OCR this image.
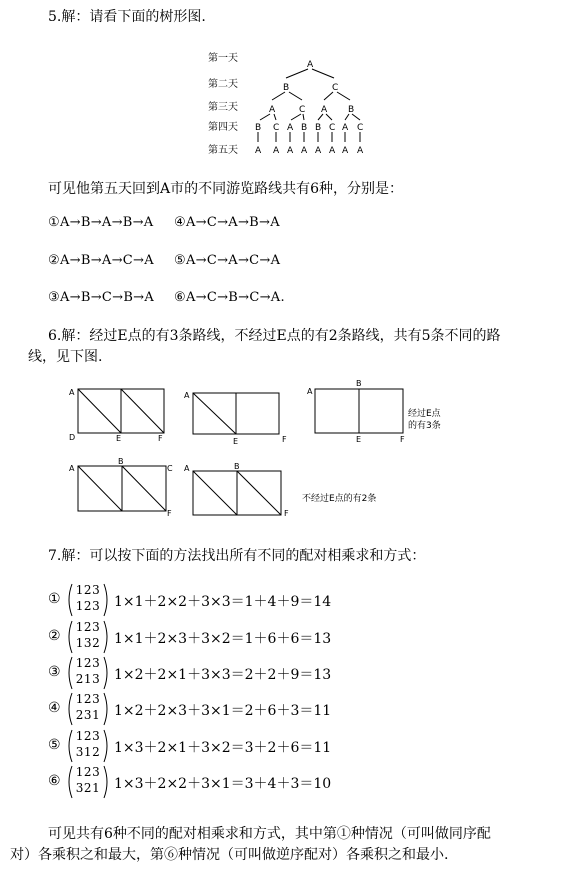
5.解：请看下面的树形图.
第一天
第二天
第三天
第四天
第五天
A
B	C
A	C A B
B C A B B C A C
A A A A A A A A
可见他第五天回到A市的不同游览路线共有6种，分别是：
①A→B→A→B→A ④A→C→A→B→A
②A→B→A→C→A ⑤A→C→A→C→A
③A→B→C→B→A ⑥A→C→B→C→A.
6.解：经过E点的有3条路线，不经过E点的有2条路线，共有5条不同的路
线，见下图.
A
D	E	F
A
E	F
A
B
E	F
经过E点
的有3条
A
B
C
F
A	B
F
不经过E点的有2条
7.解：可以按下面的方法找出所有不同的配对相乘求和方式：
①
123
123 1×1＋2×2＋3×3＝1＋4＋9＝14
②
123
132 1×1＋2×3＋3×2＝1＋6＋6＝13
③
123
213 1×2＋2×1＋3×3＝2＋2＋9＝13
④
123
231 1×2＋2×3＋3×1＝2＋6＋3＝11
⑤
123
312 1×3＋2×1＋3×2＝3＋2＋6＝11
⑥
123
321 1×3＋2×2＋3×1＝3＋4＋3＝10
可见共有6种不同的配对相乘求和方式，其中第①种情况（可叫做同序配
对）各乘积之和最大，第⑥种情况（可叫做逆序配对）各乘积之和最小.
